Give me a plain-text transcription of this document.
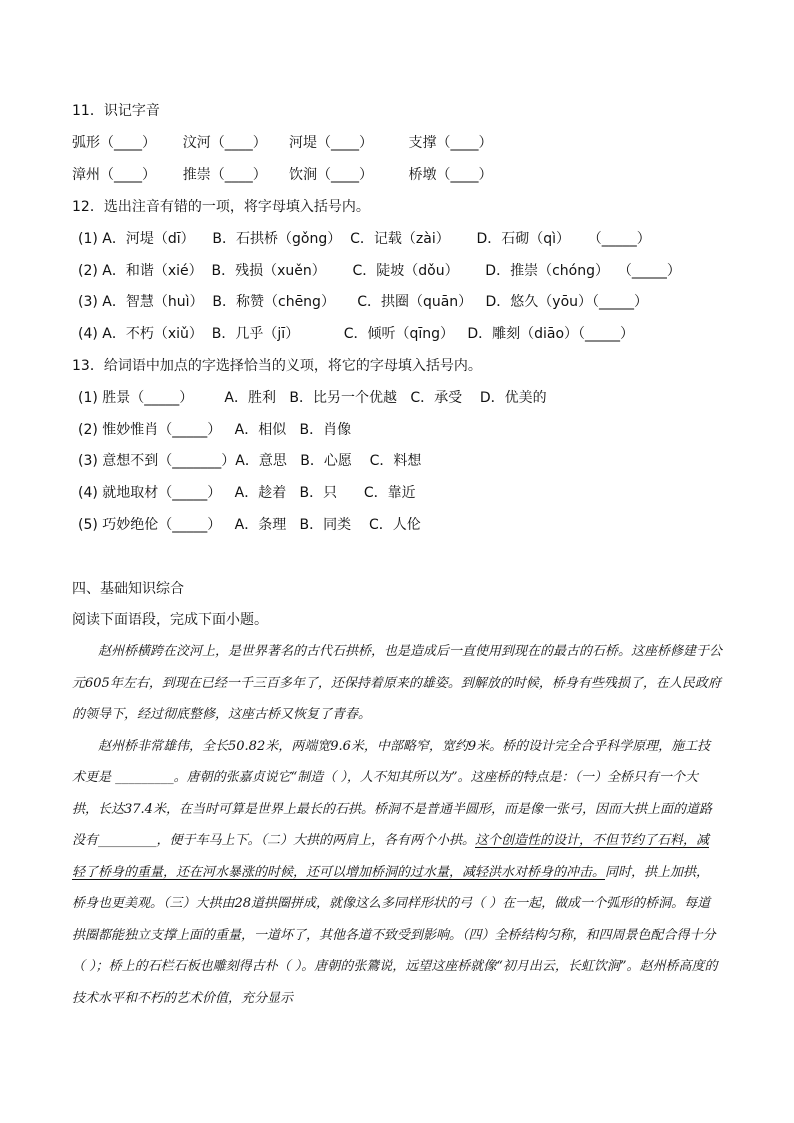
11．识记字音
弧形（____）      汶河（____）     河堤（____）        支撑（____）
漳州（____）      推崇（____）     饮涧（____）        桥墩（____）
12．选出注音有错的一项，将字母填入括号内。
(1) A．河堤（dī）    B．石拱桥（gǒng）  C．记载（zài）      D．石砌（qì）    （_____）
(2) A．和谐（xié）  B．残损（xuěn）      C．陡坡（dǒu）      D．推崇（chóng）  （_____）
(3) A．智慧（huì）  B．称赞（chēng）     C．拱圈（quān）   D．悠久（yōu）（_____）
(4) A．不朽（xiǔ）  B．几乎（jī）          C．倾听（qīng）   D．雕刻（diāo）（_____）
13．给词语中加点的字选择恰当的义项，将它的字母填入括号内。
(1) 胜景（_____）       A．胜利   B．比另一个优越   C．承受    D．优美的
(2) 惟妙惟肖（_____）   A．相似   B．肖像
(3) 意想不到（_______）A．意思   B．心愿    C．料想
(4) 就地取材（_____）   A．趁着   B．只      C．靠近
(5) 巧妙绝伦（_____）   A．条理   B．同类    C．人伦
四、基础知识综合
阅读下面语段，完成下面小题。
赵州桥横跨在洨河上，是世界著名的古代石拱桥，也是造成后一直使用到现在的最古的石桥。这座桥修建于公元605年左右，到现在已经一千三百多年了，还保持着原来的雄姿。到解放的时候，桥身有些残损了，在人民政府的领导下，经过彻底整修，这座古桥又恢复了青春。
赵州桥非常雄伟，全长50.82米，两端宽9.6米，中部略窄，宽约9米。桥的设计完全合乎科学原理，施工技术更是 _________。唐朝的张嘉贞说它“制造（ ），人不知其所以为”。这座桥的特点是：（一）全桥只有一个大拱，长达37.4米，在当时可算是世界上最长的石拱。桥洞不是普通半圆形，而是像一张弓，因而大拱上面的道路没有_________，便于车马上下。（二）大拱的两肩上，各有两个小拱。这个创造性的设计，不但节约了石料，减轻了桥身的重量，还在河水暴涨的时候，还可以增加桥洞的过水量，减轻洪水对桥身的冲击。同时，拱上加拱，桥身也更美观。（三）大拱由28道拱圈拼成，就像这么多同样形状的弓（ ）在一起，做成一个弧形的桥洞。每道拱圈都能独立支撑上面的重量，一道坏了，其他各道不致受到影响。（四）全桥结构匀称，和四周景色配合得十分（ ）；桥上的石栏石板也雕刻得古朴（ ）。唐朝的张鷟说，远望这座桥就像“初月出云，长虹饮涧”。赵州桥高度的技术水平和不朽的艺术价值，充分显示
